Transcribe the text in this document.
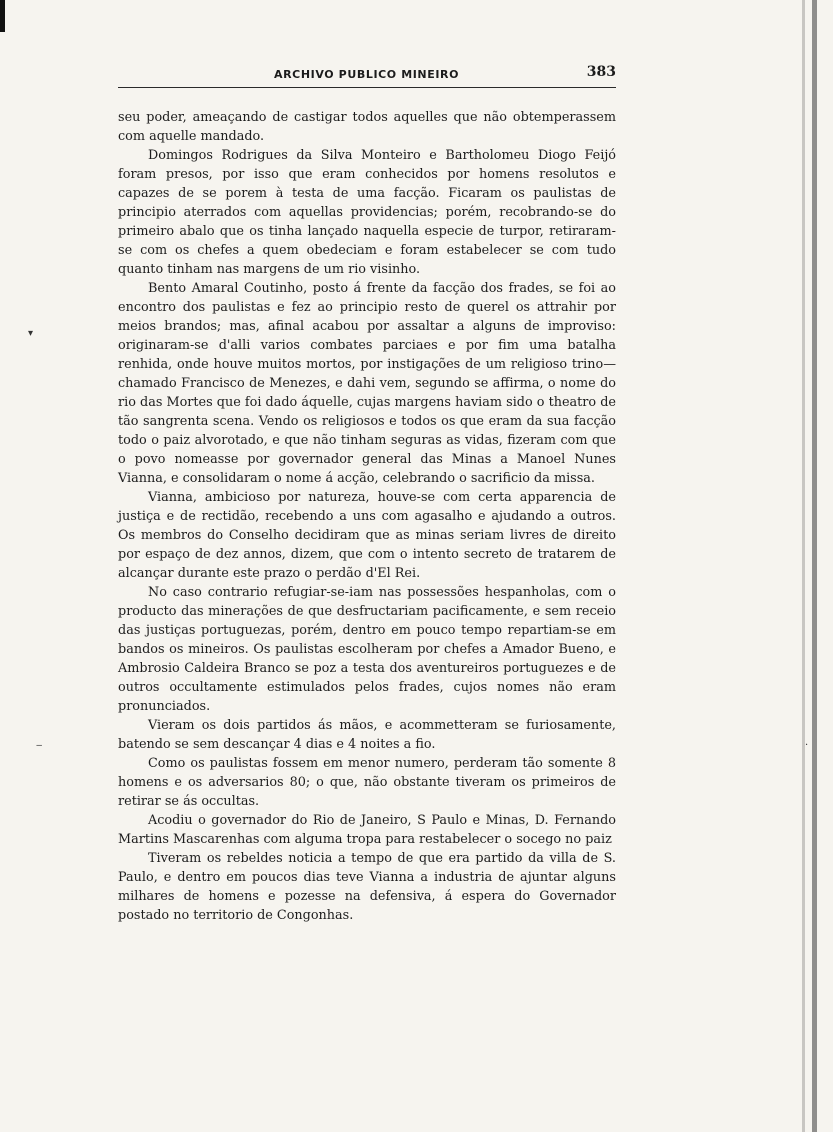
▾
‒	·
ARCHIVO PUBLICO MINEIRO	383

seu poder, ameaçando de castigar todos aquelles que não obtemperassem com aquelle mandado.

Domingos Rodrigues da Silva Monteiro e Bartholomeu Diogo Feijó foram presos, por isso que eram conhecidos por homens resolutos e capazes de se porem à testa de uma facção. Ficaram os paulistas de principio aterrados com aquellas providencias; porém, recobrando-se do primeiro abalo que os tinha lançado naquella especie de turpor, retiraram-se com os chefes a quem obedeciam e foram estabelecer se com tudo quanto tinham nas margens de um rio visinho.

Bento Amaral Coutinho, posto á frente da facção dos frades, se foi ao encontro dos paulistas e fez ao principio resto de querel os attrahir por meios brandos; mas, afinal acabou por assaltar a alguns de improviso: originaram-se d'alli varios combates parciaes e por fim uma batalha renhida, onde houve muitos mortos, por instigações de um religioso trino—chamado Francisco de Menezes, e dahi vem, segundo se affirma, o nome do rio das Mortes que foi dado áquelle, cujas margens haviam sido o theatro de tão sangrenta scena. Vendo os religiosos e todos os que eram da sua facção todo o paiz alvorotado, e que não tinham seguras as vidas, fizeram com que o povo nomeasse por governador general das Minas a Manoel Nunes Vianna, e consolidaram o nome á acção, celebrando o sacrificio da missa.

Vianna, ambicioso por natureza, houve-se com certa apparencia de justiça e de rectidão, recebendo a uns com agasalho e ajudando a outros. Os membros do Conselho decidiram que as minas seriam livres de direito por espaço de dez annos, dizem, que com o intento secreto de tratarem de alcançar durante este prazo o perdão d'El Rei.

No caso contrario refugiar-se-iam nas possessões hespanholas, com o producto das minerações de que desfructariam pacificamente, e sem receio das justiças portuguezas, porém, dentro em pouco tempo repartiam-se em bandos os mineiros. Os paulistas escolheram por chefes a Amador Bueno, e Ambrosio Caldeira Branco se poz a testa dos aventureiros portuguezes e de outros occultamente estimulados pelos frades, cujos nomes não eram pronunciados.

Vieram os dois partidos ás mãos, e acommetteram se furiosamente, batendo se sem descançar 4 dias e 4 noites a fio.

Como os paulistas fossem em menor numero, perderam tão somente 8 homens e os adversarios 80; o que, não obstante tiveram os primeiros de retirar se ás occultas.

Acodiu o governador do Rio de Janeiro, S Paulo e Minas, D. Fernando Martins Mascarenhas com alguma tropa para restabelecer o socego no paiz

Tiveram os rebeldes noticia a tempo de que era partido da villa de S. Paulo, e dentro em poucos dias teve Vianna a industria de ajuntar alguns milhares de homens e pozesse na defensiva, á espera do Governador postado no territorio de Congonhas.
